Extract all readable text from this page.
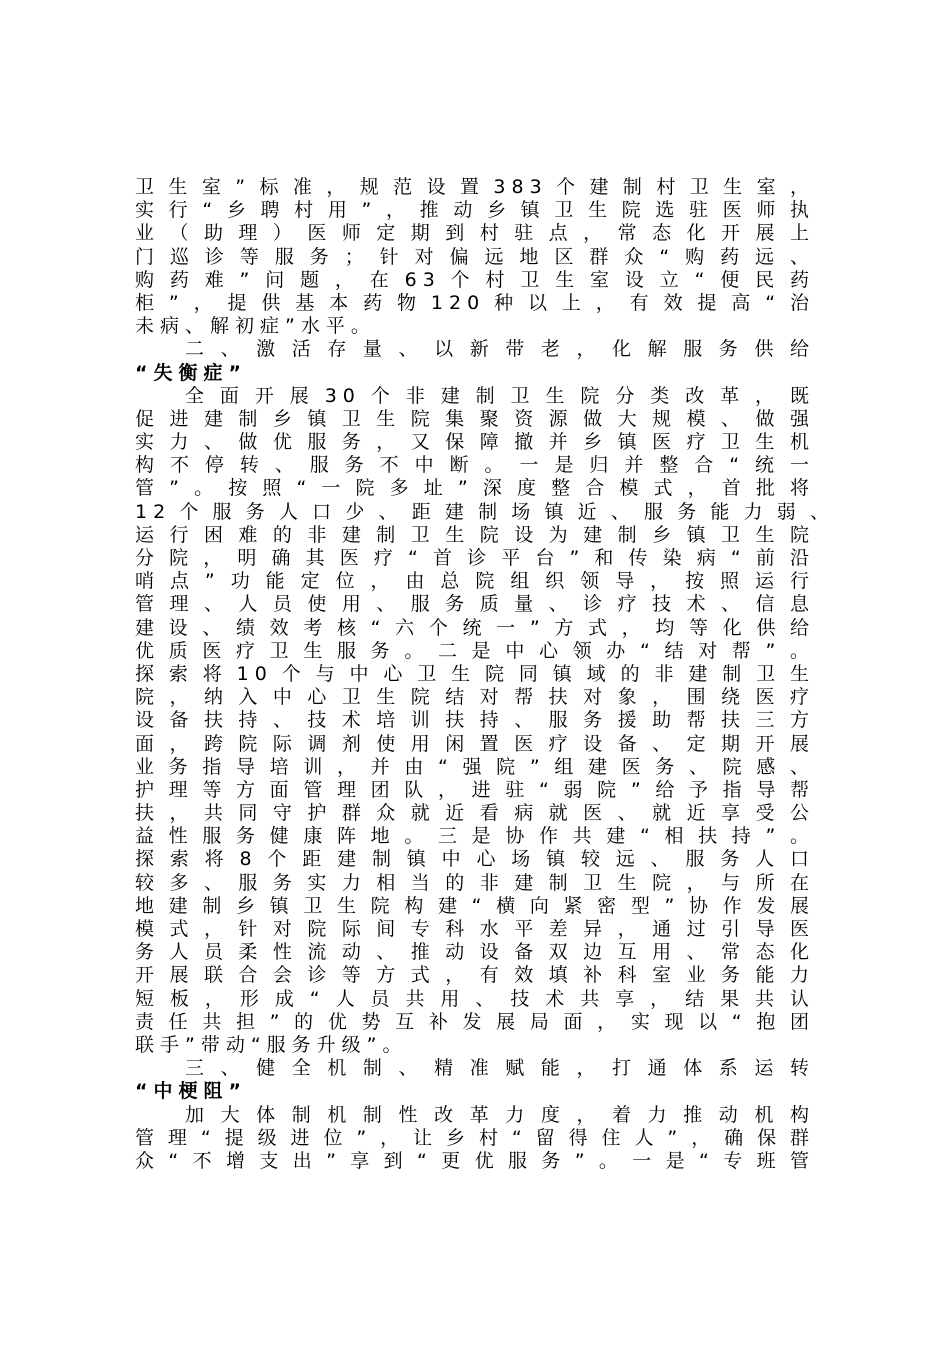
卫生室”标准，规范设置383个建制村卫生室，
实行“乡聘村用”，推动乡镇卫生院选驻医师执
业（助理）医师定期到村驻点，常态化开展上
门巡诊等服务；针对偏远地区群众“购药远、
购药难”问题，在63个村卫生室设立“便民药
柜”，提供基本药物120种以上，有效提高“治
未病、解初症”水平。
二、激活存量、以新带老，化解服务供给
“失衡症”
全面开展30个非建制卫生院分类改革，既
促进建制乡镇卫生院集聚资源做大规模、做强
实力、做优服务，又保障撤并乡镇医疗卫生机
构不停转、服务不中断。一是归并整合“统一
管”。按照“一院多址”深度整合模式，首批将
12个服务人口少、距建制场镇近、服务能力弱、
运行困难的非建制卫生院设为建制乡镇卫生院
分院，明确其医疗“首诊平台”和传染病“前沿
哨点”功能定位，由总院组织领导，按照运行
管理、人员使用、服务质量、诊疗技术、信息
建设、绩效考核“六个统一”方式，均等化供给
优质医疗卫生服务。二是中心领办“结对帮”。
探索将10个与中心卫生院同镇域的非建制卫生
院，纳入中心卫生院结对帮扶对象，围绕医疗
设备扶持、技术培训扶持、服务援助帮扶三方
面，跨院际调剂使用闲置医疗设备、定期开展
业务指导培训，并由“强院”组建医务、院感、
护理等方面管理团队，进驻“弱院”给予指导帮
扶，共同守护群众就近看病就医、就近享受公
益性服务健康阵地。三是协作共建“相扶持”。
探索将8个距建制镇中心场镇较远、服务人口
较多、服务实力相当的非建制卫生院，与所在
地建制乡镇卫生院构建“横向紧密型”协作发展
模式，针对院际间专科水平差异，通过引导医
务人员柔性流动、推动设备双边互用、常态化
开展联合会诊等方式，有效填补科室业务能力
短板，形成“人员共用、技术共享，结果共认
责任共担”的优势互补发展局面，实现以“抱团
联手”带动“服务升级”。
三、健全机制、精准赋能，打通体系运转
“中梗阻”
加大体制机制性改革力度，着力推动机构
管理“提级进位”，让乡村“留得住人”，确保群
众“不增支出”享到“更优服务”。一是“专班管
